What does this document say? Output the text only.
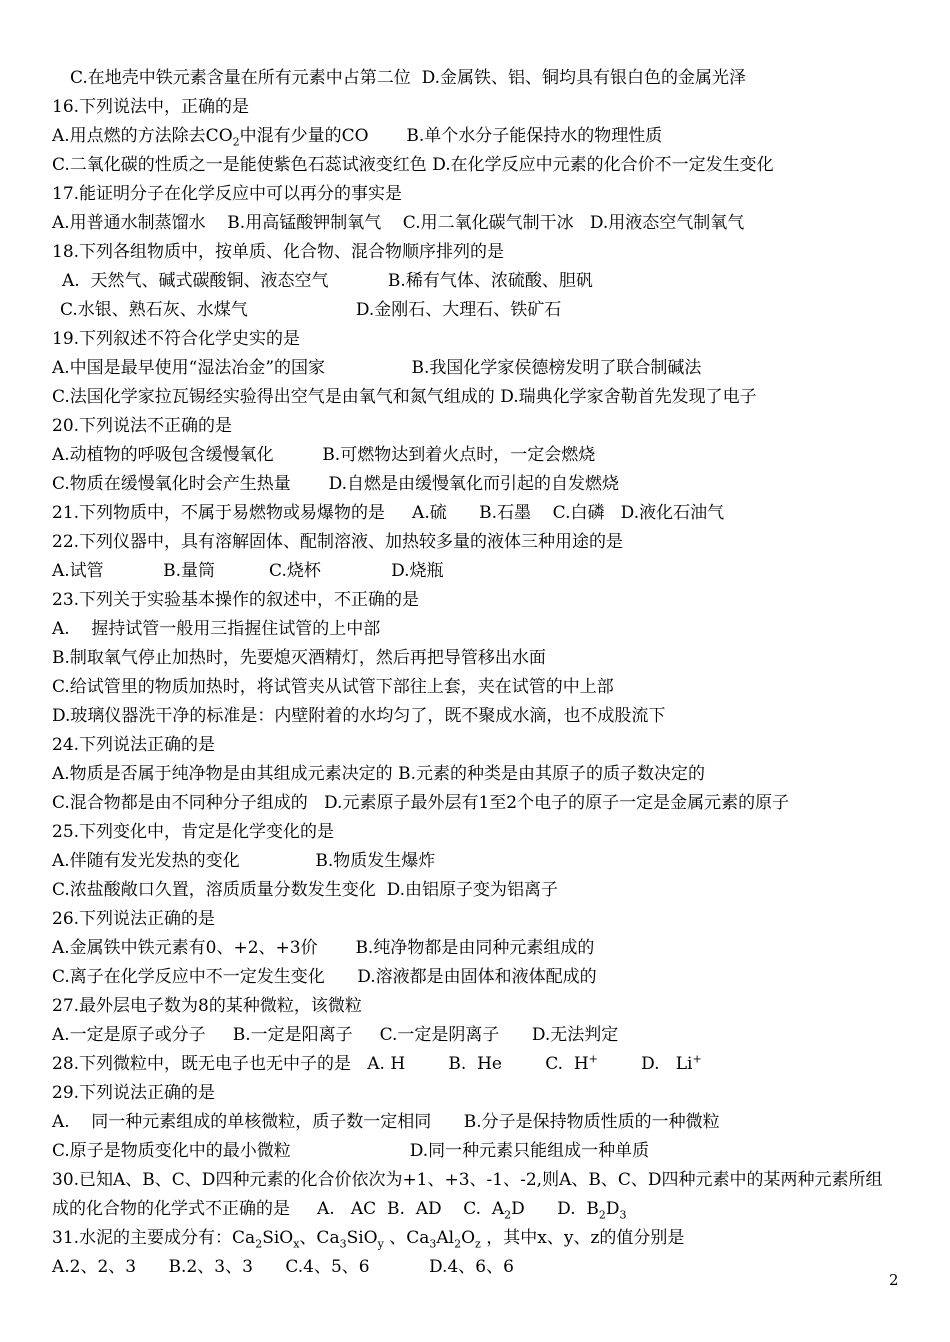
C.在地壳中铁元素含量在所有元素中占第二位  D.金属铁、铝、铜均具有银白色的金属光泽
16.下列说法中，正确的是
A.用点燃的方法除去$CO_2$中混有少量的CO       B.单个水分子能保持水的物理性质
C.二氧化碳的性质之一是能使紫色石蕊试液变红色 D.在化学反应中元素的化合价不一定发生变化
17.能证明分子在化学反应中可以再分的事实是
A.用普通水制蒸馏水    B.用高锰酸钾制氧气    C.用二氧化碳气制干冰   D.用液态空气制氧气
18.下列各组物质中，按单质、化合物、混合物顺序排列的是
A.  天然气、碱式碳酸铜、液态空气           B.稀有气体、浓硫酸、胆矾
C.水银、熟石灰、水煤气                    D.金刚石、大理石、铁矿石
19.下列叙述不符合化学史实的是
A.中国是最早使用“湿法冶金”的国家                B.我国化学家侯德榜发明了联合制碱法
C.法国化学家拉瓦锡经实验得出空气是由氧气和氮气组成的 D.瑞典化学家舍勒首先发现了电子
20.下列说法不正确的是
A.动植物的呼吸包含缓慢氧化         B.可燃物达到着火点时，一定会燃烧
C.物质在缓慢氧化时会产生热量       D.自燃是由缓慢氧化而引起的自发燃烧
21.下列物质中，不属于易燃物或易爆物的是     A.硫      B.石墨    C.白磷   D.液化石油气
22.下列仪器中，具有溶解固体、配制溶液、加热较多量的液体三种用途的是
A.试管           B.量筒          C.烧杯             D.烧瓶
23.下列关于实验基本操作的叙述中，不正确的是
A.    握持试管一般用三指握住试管的上中部
B.制取氧气停止加热时，先要熄灭酒精灯，然后再把导管移出水面
C.给试管里的物质加热时，将试管夹从试管下部往上套，夹在试管的中上部
D.玻璃仪器洗干净的标准是：内壁附着的水均匀了，既不聚成水滴，也不成股流下
24.下列说法正确的是
A.物质是否属于纯净物是由其组成元素决定的 B.元素的种类是由其原子的质子数决定的
C.混合物都是由不同种分子组成的   D.元素原子最外层有1至2个电子的原子一定是金属元素的原子
25.下列变化中，肯定是化学变化的是
A.伴随有发光发热的变化              B.物质发生爆炸
C.浓盐酸敞口久置，溶质质量分数发生变化  D.由铝原子变为铝离子
26.下列说法正确的是
A.金属铁中铁元素有0、+2、+3价       B.纯净物都是由同种元素组成的
C.离子在化学反应中不一定发生变化      D.溶液都是由固体和液体配成的
27.最外层电子数为8的某种微粒，该微粒
A.一定是原子或分子     B.一定是阳离子     C.一定是阴离子      D.无法判定
28.下列微粒中，既无电子也无中子的是   A. H        B.  He        C.  H+        D.   Li+
29.下列说法正确的是
A.    同一种元素组成的单核微粒，质子数一定相同      B.分子是保持物质性质的一种微粒
C.原子是物质变化中的最小微粒                      D.同一种元素只能组成一种单质
30.已知A、B、C、D四种元素的化合价依次为+1、+3、-1、-2,则A、B、C、D四种元素中的某两种元素所组
成的化合物的化学式不正确的是     A.   AC  B.  AD    C.  $A_2D$      D.  $B_2D_3$
31.水泥的主要成分有：$Ca_2SiO_x$、$Ca_3SiO_y$ 、$Ca_3Al_2O_z$ ，其中x、y、z的值分别是
A.2、2、3      B.2、3、3      C.4、5、6           D.4、6、6
2
